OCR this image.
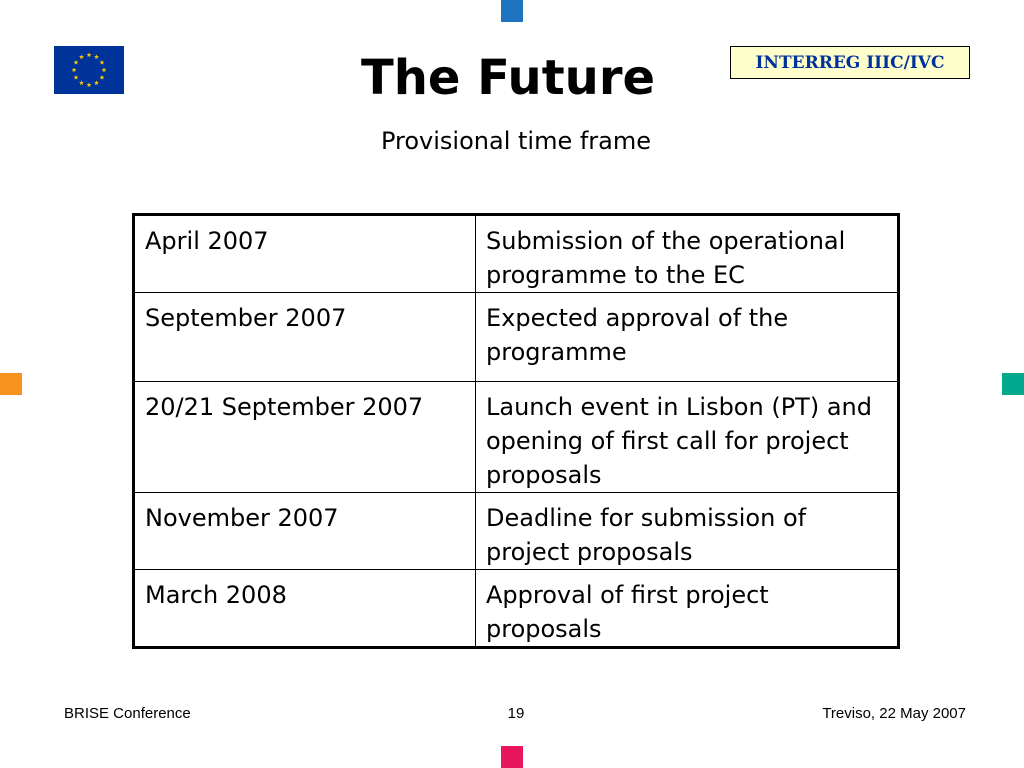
The Future	INTERREG IIIC/IVC
Provisional time frame
April 2007	Submission of the operational programme to the EC
September 2007	Expected approval of the programme
20/21 September 2007	Launch event in Lisbon (PT) and opening of first call for project proposals
November 2007	Deadline for submission of project proposals
March 2008	Approval of first project proposals
BRISE Conference	19	Treviso, 22 May 2007
